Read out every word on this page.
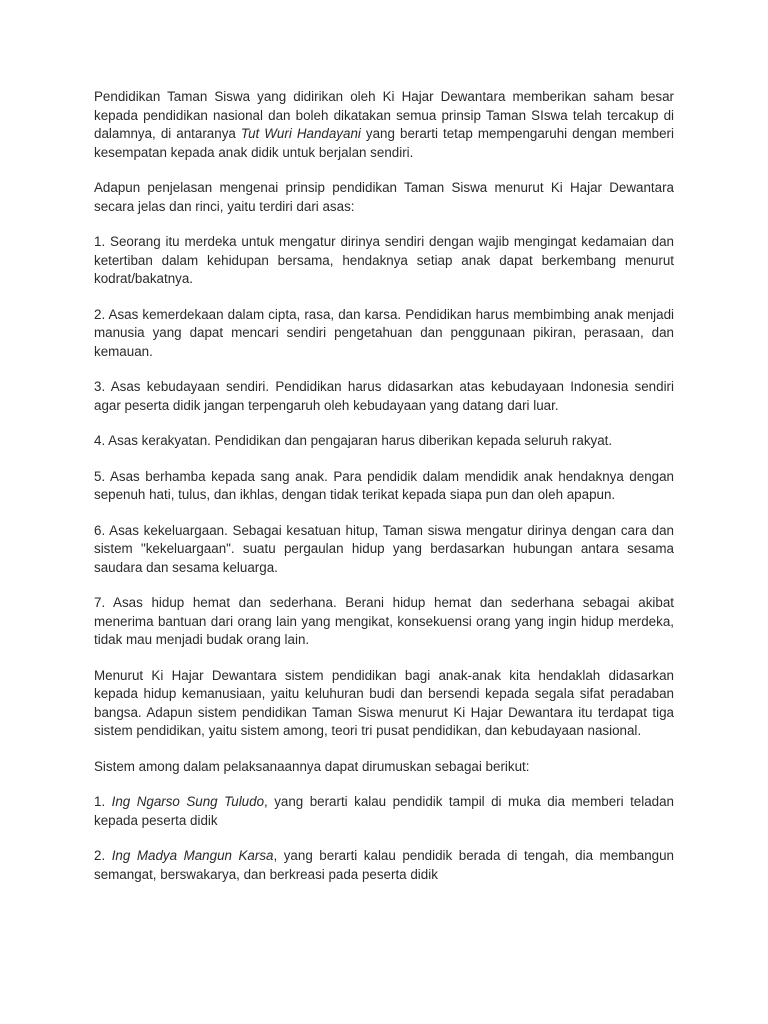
Pendidikan Taman Siswa yang didirikan oleh Ki Hajar Dewantara memberikan saham besar kepada pendidikan nasional dan boleh dikatakan semua prinsip Taman SIswa telah tercakup di dalamnya, di antaranya Tut Wuri Handayani yang berarti tetap mempengaruhi dengan memberi kesempatan kepada anak didik untuk berjalan sendiri.

Adapun penjelasan mengenai prinsip pendidikan Taman Siswa menurut Ki Hajar Dewantara secara jelas dan rinci, yaitu terdiri dari asas:

1. Seorang itu merdeka untuk mengatur dirinya sendiri dengan wajib mengingat kedamaian dan ketertiban dalam kehidupan bersama, hendaknya setiap anak dapat berkembang menurut kodrat/bakatnya.

2. Asas kemerdekaan dalam cipta, rasa, dan karsa. Pendidikan harus membimbing anak menjadi manusia yang dapat mencari sendiri pengetahuan dan penggunaan pikiran, perasaan, dan kemauan.

3. Asas kebudayaan sendiri. Pendidikan harus didasarkan atas kebudayaan Indonesia sendiri agar peserta didik jangan terpengaruh oleh kebudayaan yang datang dari luar.

4. Asas kerakyatan. Pendidikan dan pengajaran harus diberikan kepada seluruh rakyat.

5. Asas berhamba kepada sang anak. Para pendidik dalam mendidik anak hendaknya dengan sepenuh hati, tulus, dan ikhlas, dengan tidak terikat kepada siapa pun dan oleh apapun.

6. Asas kekeluargaan. Sebagai kesatuan hitup, Taman siswa mengatur dirinya dengan cara dan sistem "kekeluargaan". suatu pergaulan hidup yang berdasarkan hubungan antara sesama saudara dan sesama keluarga.

7. Asas hidup hemat dan sederhana. Berani hidup hemat dan sederhana sebagai akibat menerima bantuan dari orang lain yang mengikat, konsekuensi orang yang ingin hidup merdeka, tidak mau menjadi budak orang lain.

Menurut Ki Hajar Dewantara sistem pendidikan bagi anak-anak kita hendaklah didasarkan kepada hidup kemanusiaan, yaitu keluhuran budi dan bersendi kepada segala sifat peradaban bangsa. Adapun sistem pendidikan Taman Siswa menurut Ki Hajar Dewantara itu terdapat tiga sistem pendidikan, yaitu sistem among, teori tri pusat pendidikan, dan kebudayaan nasional.

Sistem among dalam pelaksanaannya dapat dirumuskan sebagai berikut:

1. Ing Ngarso Sung Tuludo, yang berarti kalau pendidik tampil di muka dia memberi teladan kepada peserta didik

2. Ing Madya Mangun Karsa, yang berarti kalau pendidik berada di tengah, dia membangun semangat, berswakarya, dan berkreasi pada peserta didik
